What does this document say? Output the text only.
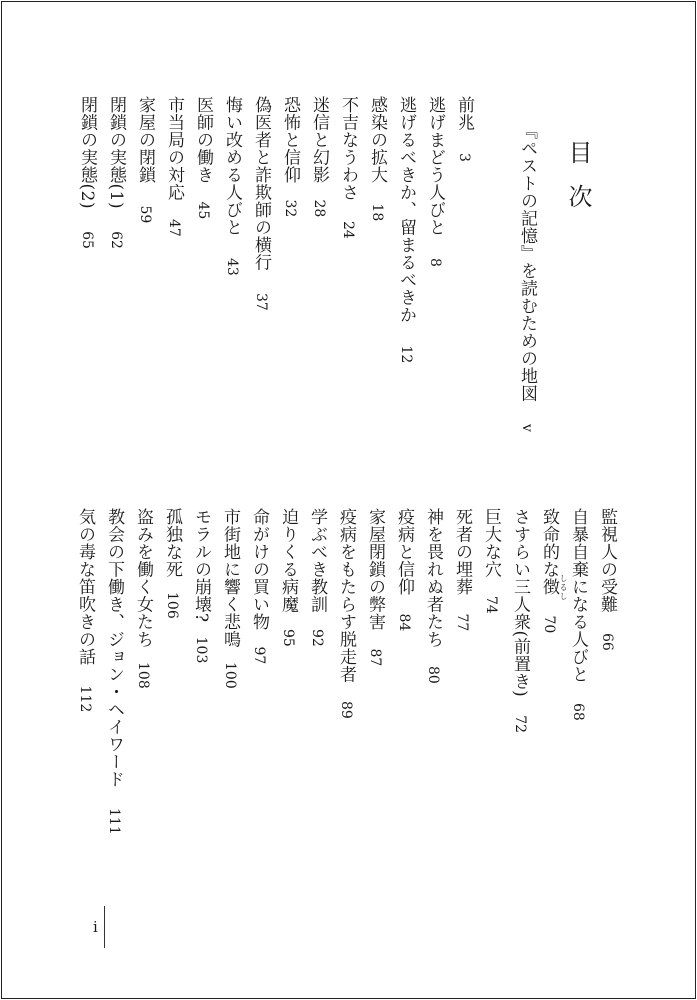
目次
『ペストの記憶』を読むための地図v
i
前兆3
逃げまどう人びと8
逃げるべきか、留まるべきか12
感染の拡大18
不吉なうわさ24
迷信と幻影28
恐怖と信仰32
偽医者と詐欺師の横行37
悔い改める人びと43
医師の働き45
市当局の対応47
家屋の閉鎖59
閉鎖の実態(1)62
閉鎖の実態(2)65
監視人の受難66
自暴自棄になる人びと68
致命的な徴70
しるし
さすらい三人衆(前置き)72
巨大な穴74
死者の埋葬77
神を畏れぬ者たち80
疫病と信仰84
家屋閉鎖の弊害87
疫病をもたらす脱走者89
学ぶべき教訓92
迫りくる病魔95
命がけの買い物97
市街地に響く悲鳴100
モラルの崩壊?103
孤独な死106
盗みを働く女たち108
教会の下働き、ジョン・ヘイワード111
気の毒な笛吹きの話112
